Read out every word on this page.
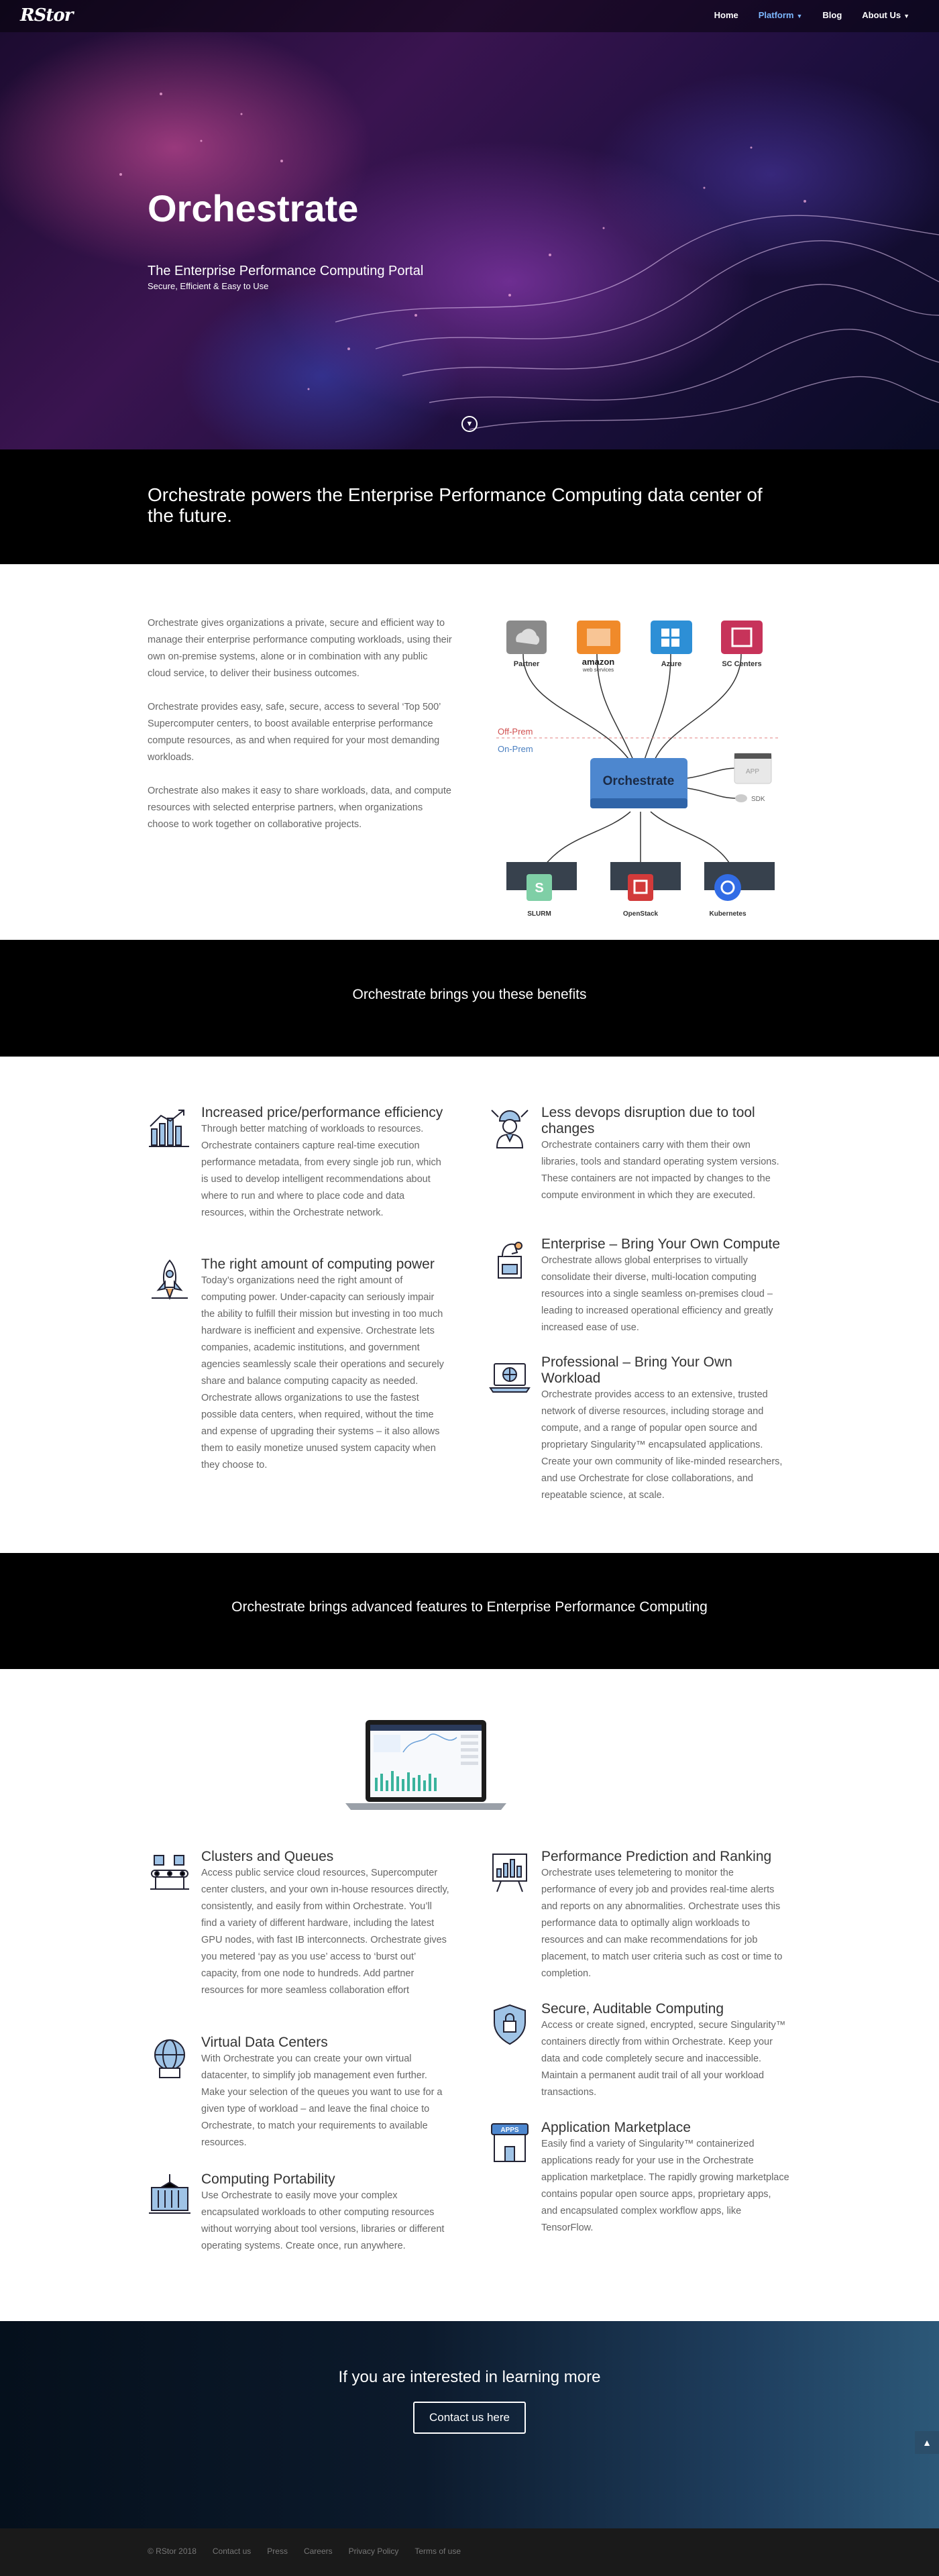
RStor	Home Platform ▼ Blog About Us ▼
Orchestrate
The Enterprise Performance Computing Portal
Secure, Efficient & Easy to Use
▼
Orchestrate powers the Enterprise Performance Computing data center of the future.

Orchestrate gives organizations a private, secure and efficient way to manage their enterprise performance computing workloads, using their own on-premise systems, alone or in combination with any public cloud service, to deliver their business outcomes.

Orchestrate provides easy, safe, secure, access to several ‘Top 500’ Supercomputer centers, to boost available enterprise performance compute resources, as and when required for your most demanding workloads.

Orchestrate also makes it easy to share workloads, data, and compute resources with selected enterprise partners, when organizations choose to work together on collaborative projects.

Off-Prem
On-Prem
Partner	amazon
web services
Azure	SC Centers
Orchestrate
APP
SDK
S
SLURM	OpenStack	Kubernetes
Orchestrate brings you these benefits
Increased price/performance efficiency
Through better matching of workloads to resources. Orchestrate containers capture real-time execution performance metadata, from every single job run, which is used to develop intelligent recommendations about where to run and where to place code and data resources, within the Orchestrate network.
The right amount of computing power
Today’s organizations need the right amount of computing power. Under-capacity can seriously impair the ability to fulfill their mission but investing in too much hardware is inefficient and expensive. Orchestrate lets companies, academic institutions, and government agencies seamlessly scale their operations and securely share and balance computing capacity as needed.
Orchestrate allows organizations to use the fastest possible data centers, when required, without the time and expense of upgrading their systems – it also allows them to easily monetize unused system capacity when they choose to.
Less devops disruption due to tool changes
Orchestrate containers carry with them their own libraries, tools and standard operating system versions. These containers are not impacted by changes to the compute environment in which they are executed.
Enterprise – Bring Your Own Compute
Orchestrate allows global enterprises to virtually consolidate their diverse, multi-location computing resources into a single seamless on-premises cloud – leading to increased operational efficiency and greatly increased ease of use.
Professional – Bring Your Own Workload
Orchestrate provides access to an extensive, trusted network of diverse resources, including storage and compute, and a range of popular open source and proprietary Singularity™ encapsulated applications. Create your own community of like-minded researchers, and use Orchestrate for close collaborations, and repeatable science, at scale.
Orchestrate brings advanced features to Enterprise Performance Computing
Clusters and Queues
Access public service cloud resources, Supercomputer center clusters, and your own in-house resources directly, consistently, and easily from within Orchestrate. You’ll find a variety of different hardware, including the latest GPU nodes, with fast IB interconnects. Orchestrate gives you metered ‘pay as you use’ access to ‘burst out’ capacity, from one node to hundreds. Add partner resources for more seamless collaboration effort
Virtual Data Centers
With Orchestrate you can create your own virtual datacenter, to simplify job management even further. Make your selection of the queues you want to use for a given type of workload – and leave the final choice to Orchestrate, to match your requirements to available resources.
Computing Portability
Use Orchestrate to easily move your complex encapsulated workloads to other computing resources without worrying about tool versions, libraries or different operating systems. Create once, run anywhere.
Performance Prediction and Ranking
Orchestrate uses telemetering to monitor the performance of every job and provides real-time alerts and reports on any abnormalities. Orchestrate uses this performance data to optimally align workloads to resources and can make recommendations for job placement, to match user criteria such as cost or time to completion.
Secure, Auditable Computing
Access or create signed, encrypted, secure Singularity™ containers directly from within Orchestrate. Keep your data and code completely secure and inaccessible. Maintain a permanent audit trail of all your workload transactions.
APPS Application Marketplace
Easily find a variety of Singularity™ containerized applications ready for your use in the Orchestrate application marketplace. The rapidly growing marketplace contains popular open source apps, proprietary apps, and encapsulated complex workflow apps, like TensorFlow.
If you are interested in learning more
Contact us here
▲
© RStor 2018 Contact us Press Careers Privacy Policy Terms of use
